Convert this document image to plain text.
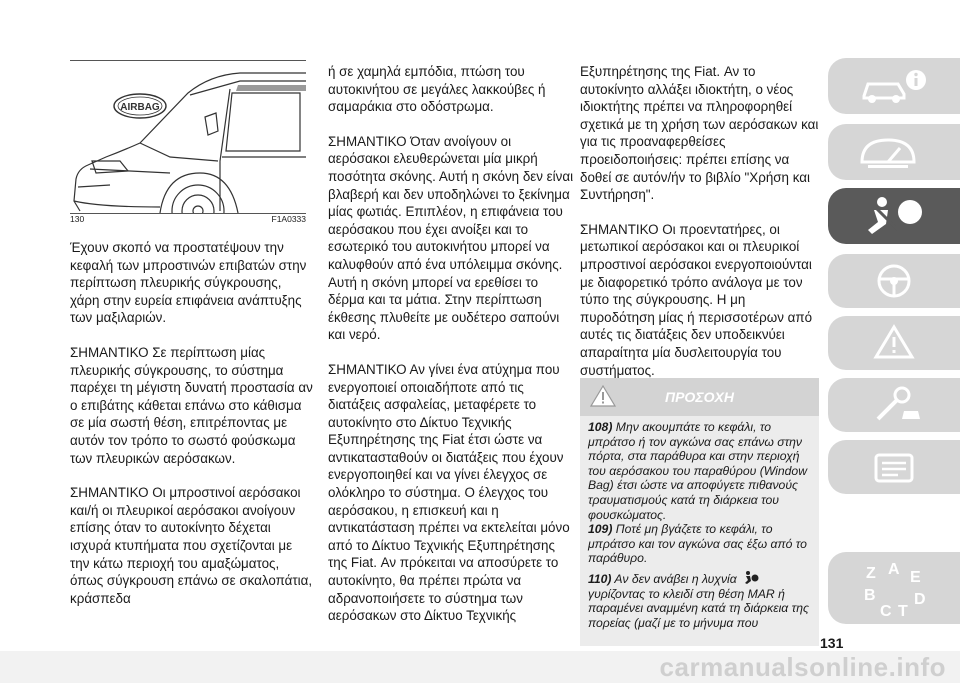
AIRBAG
130	F1A0333

Έχουν σκοπό να προστατέψουν την κεφαλή των μπροστινών επιβατών στην περίπτωση πλευρικής σύγκρουσης, χάρη στην ευρεία επιφάνεια ανάπτυξης των μαξιλαριών.

ΣΗΜΑΝΤΙΚΟ Σε περίπτωση μίας πλευρικής σύγκρουσης, το σύστημα παρέχει τη μέγιστη δυνατή προστασία αν ο επιβάτης κάθεται επάνω στο κάθισμα σε μία σωστή θέση, επιτρέποντας με αυτόν τον τρόπο το σωστό φούσκωμα των πλευρικών αερόσακων.

ΣΗΜΑΝΤΙΚΟ Οι μπροστινοί αερόσακοι και/ή οι πλευρικοί αερόσακοι ανοίγουν επίσης όταν το αυτοκίνητο δέχεται ισχυρά κτυπήματα που σχετίζονται με την κάτω περιοχή του αμαξώματος, όπως σύγκρουση επάνω σε σκαλοπάτια, κράσπεδα

ή σε χαμηλά εμπόδια, πτώση του αυτοκινήτου σε μεγάλες λακκούβες ή σαμαράκια στο οδόστρωμα.

ΣΗΜΑΝΤΙΚΟ Όταν ανοίγουν οι αερόσακοι ελευθερώνεται μία μικρή ποσότητα σκόνης. Αυτή η σκόνη δεν είναι βλαβερή και δεν υποδηλώνει το ξεκίνημα μίας φωτιάς. Επιπλέον, η επιφάνεια του αερόσακου που έχει ανοίξει και το εσωτερικό του αυτοκινήτου μπορεί να καλυφθούν από ένα υπόλειμμα σκόνης. Αυτή η σκόνη μπορεί να ερεθίσει το δέρμα και τα μάτια. Στην περίπτωση έκθεσης πλυθείτε με ουδέτερο σαπούνι και νερό.

ΣΗΜΑΝΤΙΚΟ Αν γίνει ένα ατύχημα που ενεργοποιεί οποιαδήποτε από τις διατάξεις ασφαλείας, μεταφέρετε το αυτοκίνητο στο Δίκτυο Τεχνικής Εξυπηρέτησης της Fiat έτσι ώστε να αντικατασταθούν οι διατάξεις που έχουν ενεργοποιηθεί και να γίνει έλεγχος σε ολόκληρο το σύστημα. Ο έλεγχος του αερόσακου, η επισκευή και η αντικατάσταση πρέπει να εκτελείται μόνο από το Δίκτυο Τεχνικής Εξυπηρέτησης της Fiat. Αν πρόκειται να αποσύρετε το αυτοκίνητο, θα πρέπει πρώτα να αδρανοποιήσετε το σύστημα των αερόσακων στο Δίκτυο Τεχνικής

Εξυπηρέτησης της Fiat. Αν το αυτοκίνητο αλλάξει ιδιοκτήτη, ο νέος ιδιοκτήτης πρέπει να πληροφορηθεί σχετικά με τη χρήση των αερόσακων και για τις προαναφερθείσες προειδοποιήσεις: πρέπει επίσης να δοθεί σε αυτόν/ήν το βιβλίο "Χρήση και Συντήρηση".

ΣΗΜΑΝΤΙΚΟ Οι προεντατήρες, οι μετωπικοί αερόσακοι και οι πλευρικοί μπροστινοί αερόσακοι ενεργοποιούνται με διαφορετικό τρόπο ανάλογα με τον τύπο της σύγκρουσης. Η μη πυροδότηση μίας ή περισσοτέρων από αυτές τις διατάξεις δεν υποδεικνύει απαραίτητα μία δυσλειτουργία του συστήματος.

ΠΡΟΣΟΧΗ

108) Μην ακουμπάτε το κεφάλι, το μπράτσο ή τον αγκώνα σας επάνω στην πόρτα, στα παράθυρα και στην περιοχή του αερόσακου του παραθύρου (Window Bag) έτσι ώστε να αποφύγετε πιθανούς τραυματισμούς κατά τη διάρκεια του φουσκώματος.

109) Ποτέ μη βγάζετε το κεφάλι, το μπράτσο και τον αγκώνα σας έξω από το παράθυρο.

110) Αν δεν ανάβει η λυχνία  γυρίζοντας το κλειδί στη θέση MAR ή παραμένει αναμμένη κατά τη διάρκεια της πορείας (μαζί με το μήνυμα που

Z A E
B D
C T
131
carmanualsonline.info
